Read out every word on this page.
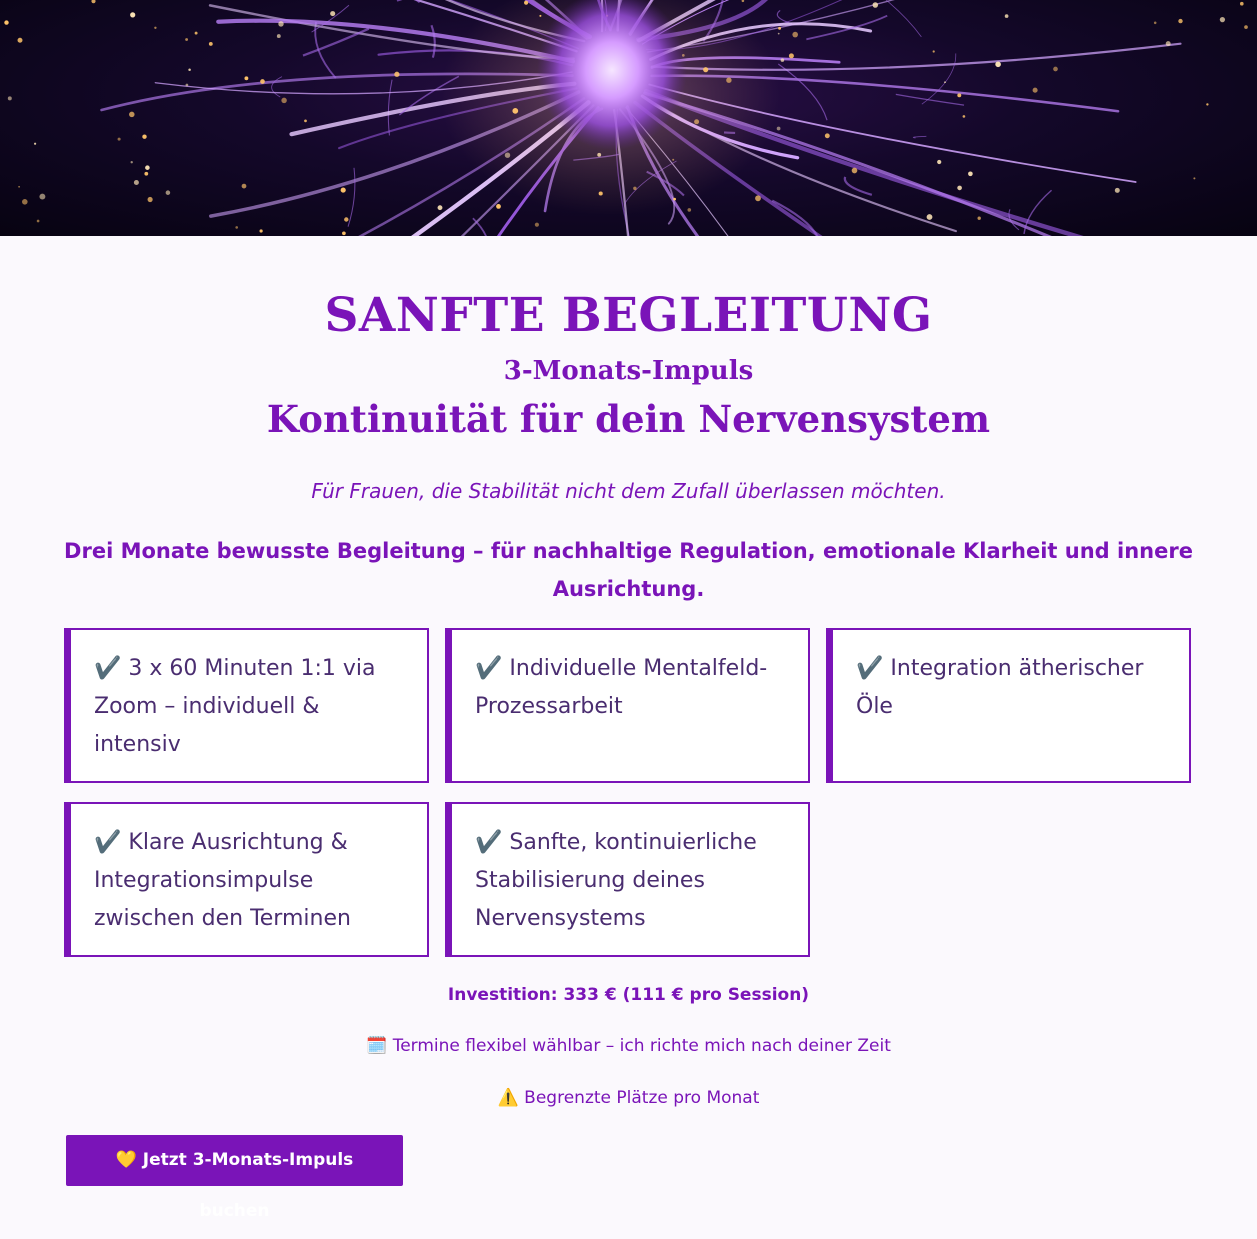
SANFTE BEGLEITUNG
3-Monats-Impuls
Kontinuität für dein Nervensystem

Für Frauen, die Stabilität nicht dem Zufall überlassen möchten.

Drei Monate bewusste Begleitung – für nachhaltige Regulation, emotionale Klarheit und innere Ausrichtung.

✔️ 3 x 60 Minuten 1:1 via Zoom – individuell & intensiv
✔️ Individuelle Mentalfeld-Prozessarbeit
✔️ Integration ätherischer Öle
✔️ Klare Ausrichtung & Integrationsimpulse zwischen den Terminen
✔️ Sanfte, kontinuierliche Stabilisierung deines Nervensystems

Investition: 333 € (111 € pro Session)

🗓️ Termine flexibel wählbar – ich richte mich nach deiner Zeit

⚠️ Begrenzte Plätze pro Monat

💛 Jetzt 3-Monats-Impuls buchen
